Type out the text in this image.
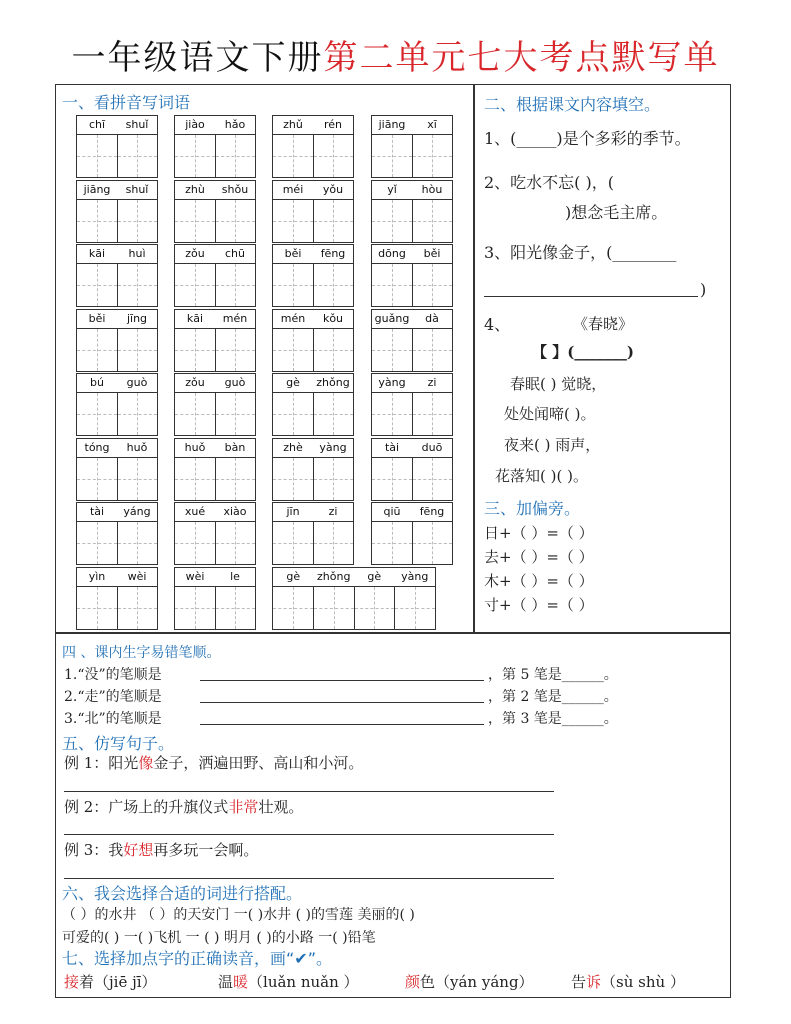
一年级语文下册第二单元七大考点默写单
一、看拼音写词语
chī	shuǐ	jiào	hǎo	zhǔ	rén	jiāng	xī
jiāng	shuǐ	zhù	shǒu	méi	yǒu	yǐ	hòu
kāi	huì	zǒu	chū	běi	fēng	dōng	běi
běi	jīng	kāi	mén	mén	kǒu	guǎng	dà
bú	guò	zǒu	guò	gè	zhǒng	yàng	zi
tóng	huǒ	huǒ	bàn	zhè	yàng	tài	duō
tài	yáng	xué	xiào	jīn	zi	qiū	fēng
yìn	wèi	wèi	le	gè	zhǒng	gè	yàng
二、根据课文内容填空。
1、(_____)是个多彩的季节。
2、吃水不忘( )，(
)想念毛主席。
3、阳光像金子，(________
)
4、	《春晓》
【 】(_______)
春眠( ) 觉晓，
处处闻啼( )。
夜来( ) 雨声，
花落知( )( )。
三、加偏旁。
日+（ ）=（ ）
去+（ ）=（ ）
木+（ ）=（ ）
寸+（ ）=（ ）
四 、课内生字易错笔顺。
1.“没”的笔顺是	，第 5 笔是______。
2.“走”的笔顺是	，第 2 笔是______。
3.“北”的笔顺是	，第 3 笔是______。
五、仿写句子。
例 1：阳光像金子，洒遍田野、高山和小河。
例 2：广场上的升旗仪式非常壮观。
例 3：我好想再多玩一会啊。
六、我会选择合适的词进行搭配。
（ ）的水井 （ ）的天安门 一( )水井 ( )的雪莲 美丽的( )
可爱的( ) 一( )飞机 一 ( ) 明月 ( )的小路 一( )铅笔
七、选择加点字的正确读音，画“✔”。
接着（jiē jī）	温暖（luǎn nuǎn ）	颜色（yán yáng） 告诉（sù shù ）
